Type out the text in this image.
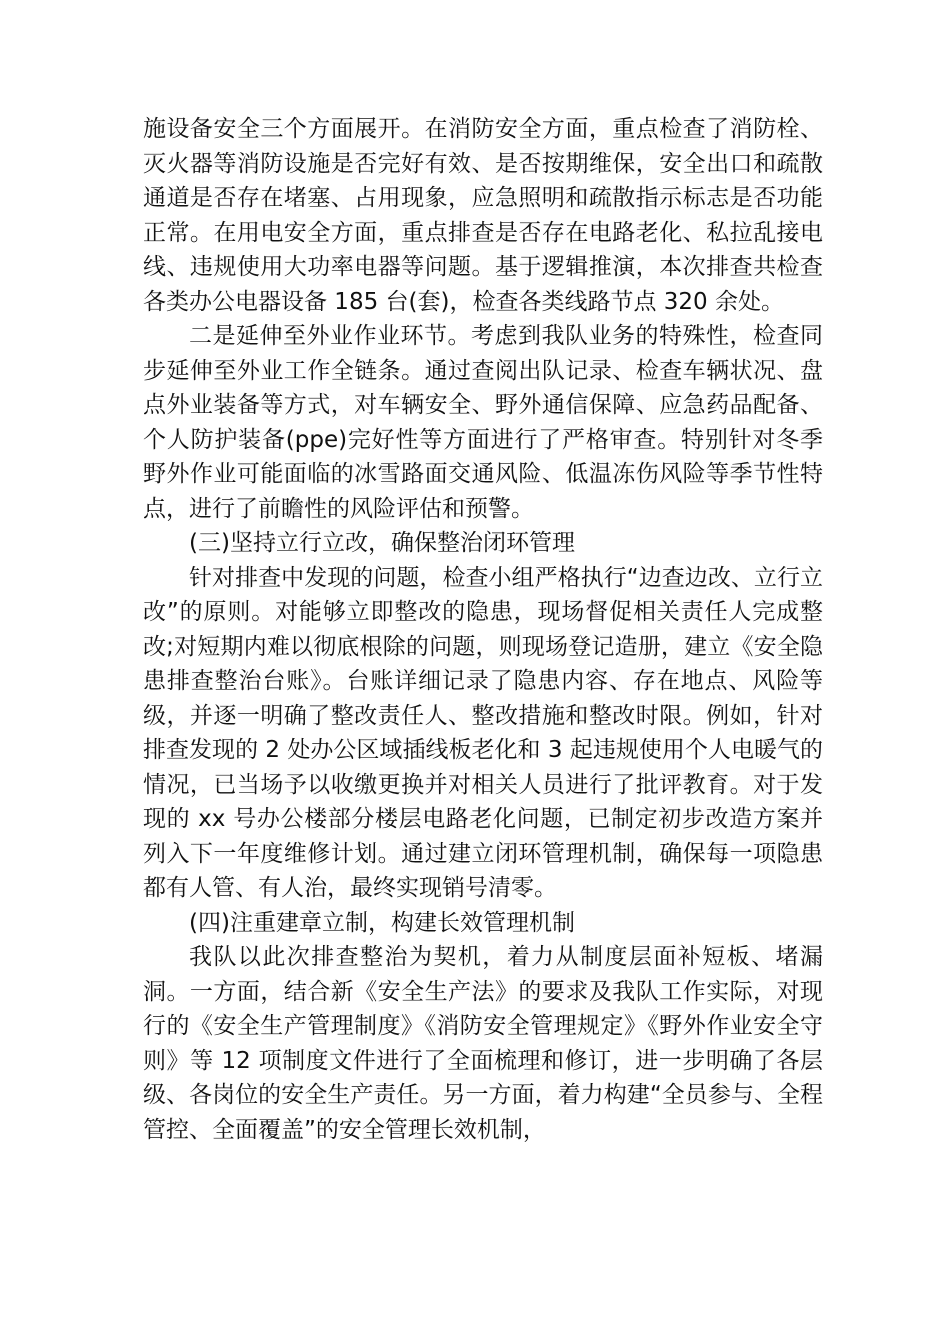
施设备安全三个方面展开。在消防安全方面，重点检查了消防栓、灭火器等消防设施是否完好有效、是否按期维保，安全出口和疏散通道是否存在堵塞、占用现象，应急照明和疏散指示标志是否功能正常。在用电安全方面，重点排查是否存在电路老化、私拉乱接电线、违规使用大功率电器等问题。基于逻辑推演，本次排查共检查各类办公电器设备 185 台(套)，检查各类线路节点 320 余处。

二是延伸至外业作业环节。考虑到我队业务的特殊性，检查同步延伸至外业工作全链条。通过查阅出队记录、检查车辆状况、盘点外业装备等方式，对车辆安全、野外通信保障、应急药品配备、个人防护装备(ppe)完好性等方面进行了严格审查。特别针对冬季野外作业可能面临的冰雪路面交通风险、低温冻伤风险等季节性特点，进行了前瞻性的风险评估和预警。

(三)坚持立行立改，确保整治闭环管理

针对排查中发现的问题，检查小组严格执行“边查边改、立行立改”的原则。对能够立即整改的隐患，现场督促相关责任人完成整改;对短期内难以彻底根除的问题，则现场登记造册，建立《安全隐患排查整治台账》。台账详细记录了隐患内容、存在地点、风险等级，并逐一明确了整改责任人、整改措施和整改时限。例如，针对排查发现的 2 处办公区域插线板老化和 3 起违规使用个人电暖气的情况，已当场予以收缴更换并对相关人员进行了批评教育。对于发现的 xx 号办公楼部分楼层电路老化问题，已制定初步改造方案并列入下一年度维修计划。通过建立闭环管理机制，确保每一项隐患都有人管、有人治，最终实现销号清零。

(四)注重建章立制，构建长效管理机制

我队以此次排查整治为契机，着力从制度层面补短板、堵漏洞。一方面，结合新《安全生产法》的要求及我队工作实际，对现行的《安全生产管理制度》《消防安全管理规定》《野外作业安全守则》等 12 项制度文件进行了全面梳理和修订，进一步明确了各层级、各岗位的安全生产责任。另一方面，着力构建“全员参与、全程管控、全面覆盖”的安全管理长效机制，
